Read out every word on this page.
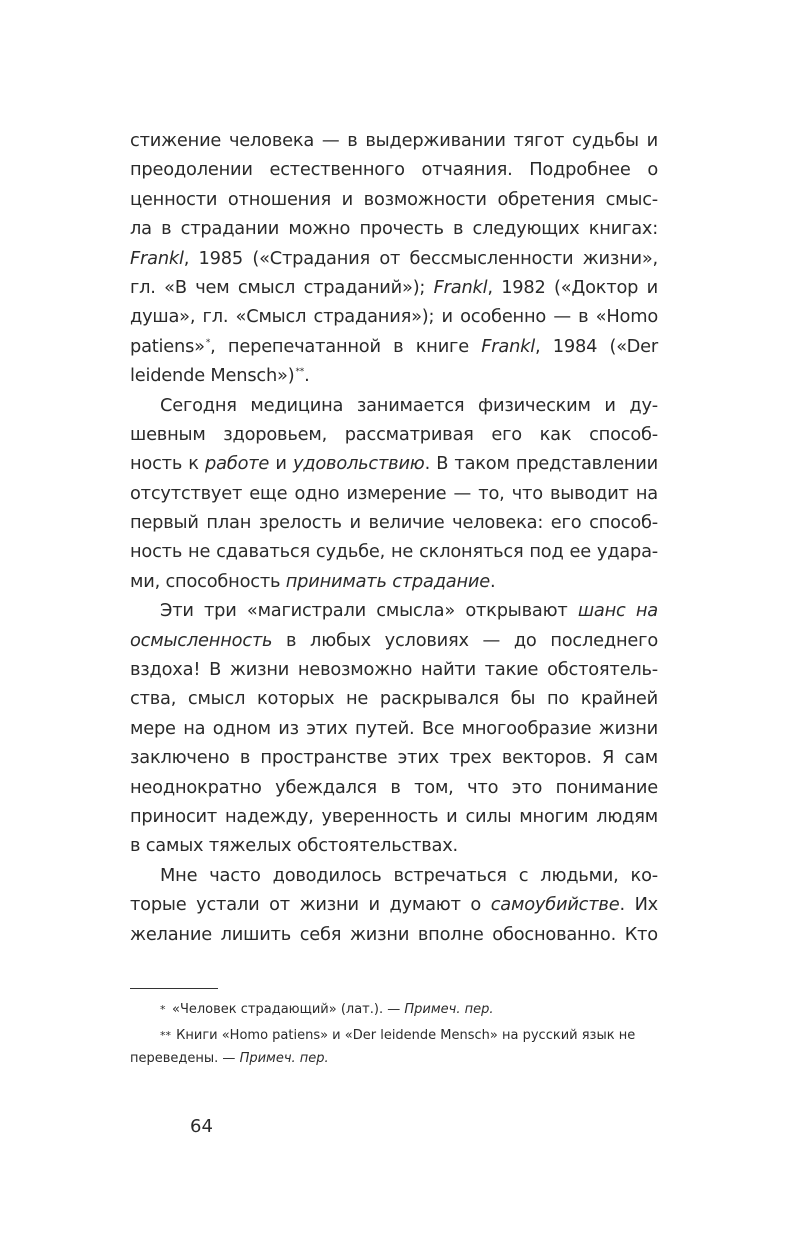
стижение человека — в выдерживании тягот судьбы и
преодолении естественного отчаяния. Подробнее о
ценности отношения и возможности обретения смыс-
ла в страдании можно прочесть в следующих книгах:
Frankl, 1985 («Страдания от бессмысленности жизни»,
гл. «В чем смысл страданий»); Frankl, 1982 («Доктор и
душа», гл. «Смысл страдания»); и особенно — в «Homo
patiens»*, перепечатанной в книге Frankl, 1984 («Der
leidende Mensch»)**.
Сегодня медицина занимается физическим и ду-
шевным здоровьем, рассматривая его как способ-
ность к работе и удовольствию. В таком представлении
отсутствует еще одно измерение — то, что выводит на
первый план зрелость и величие человека: его способ-
ность не сдаваться судьбе, не склоняться под ее удара-
ми, способность принимать страдание.
Эти три «магистрали смысла» открывают шанс на
осмысленность в любых условиях — до последнего
вздоха! В жизни невозможно найти такие обстоятель-
ства, смысл которых не раскрывался бы по крайней
мере на одном из этих путей. Все многообразие жизни
заключено в пространстве этих трех векторов. Я сам
неоднократно убеждался в том, что это понимание
приносит надежду, уверенность и силы многим людям
в самых тяжелых обстоятельствах.
Мне часто доводилось встречаться с людьми, ко-
торые устали от жизни и думают о самоубийстве. Их
желание лишить себя жизни вполне обоснованно. Кто
* «Человек страдающий» (лат.). — Примеч. пер.
** Книги «Homo patiens» и «Der leidende Mensch» на русский язык не
переведены. — Примеч. пер.
64
